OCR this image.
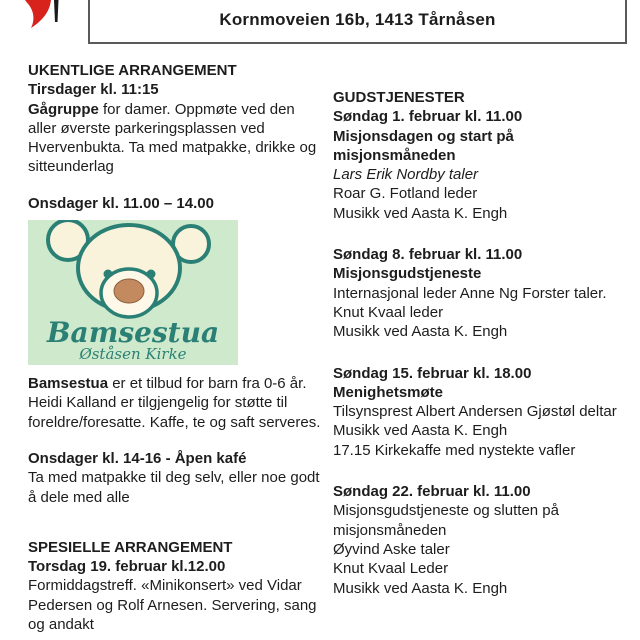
Kornmoveien 16b, 1413 Tårnåsen
UKENTLIGE ARRANGEMENT
Tirsdager kl. 11:15

Gågruppe for damer. Oppmøte ved den aller øverste parkeringsplassen ved Hvervenbukta. Ta med matpakke, drikke og sitteunderlag

Onsdager kl. 11.00 – 14.00
Bamsestua
Øståsen Kirke

Bamsestua er et tilbud for barn fra 0-6 år. Heidi Kalland er tilgjengelig for støtte til foreldre/foresatte. Kaffe, te og saft serveres.

Onsdager kl. 14-16 - Åpen kafé

Ta med matpakke til deg selv, eller noe godt å dele med alle

SPESIELLE ARRANGEMENT
Torsdag 19. februar kl.12.00

Formiddagstreff. «Minikonsert» ved Vidar Pedersen og Rolf Arnesen. Servering, sang og andakt

GUDSTJENESTER
Søndag 1. februar kl. 11.00
Misjonsdagen og start på misjonsmåneden
Lars Erik Nordby taler
Roar G. Fotland leder
Musikk ved Aasta K. Engh
Søndag 8. februar kl. 11.00
Misjonsgudstjeneste
Internasjonal leder Anne Ng Forster taler.
Knut Kvaal leder
Musikk ved Aasta K. Engh
Søndag 15. februar kl. 18.00
Menighetsmøte
Tilsynsprest Albert Andersen Gjøstøl deltar
Musikk ved Aasta K. Engh
17.15 Kirkekaffe med nystekte vafler
Søndag 22. februar kl. 11.00
Misjonsgudstjeneste og slutten på misjonsmåneden
Øyvind Aske taler
Knut Kvaal Leder
Musikk ved Aasta K. Engh
